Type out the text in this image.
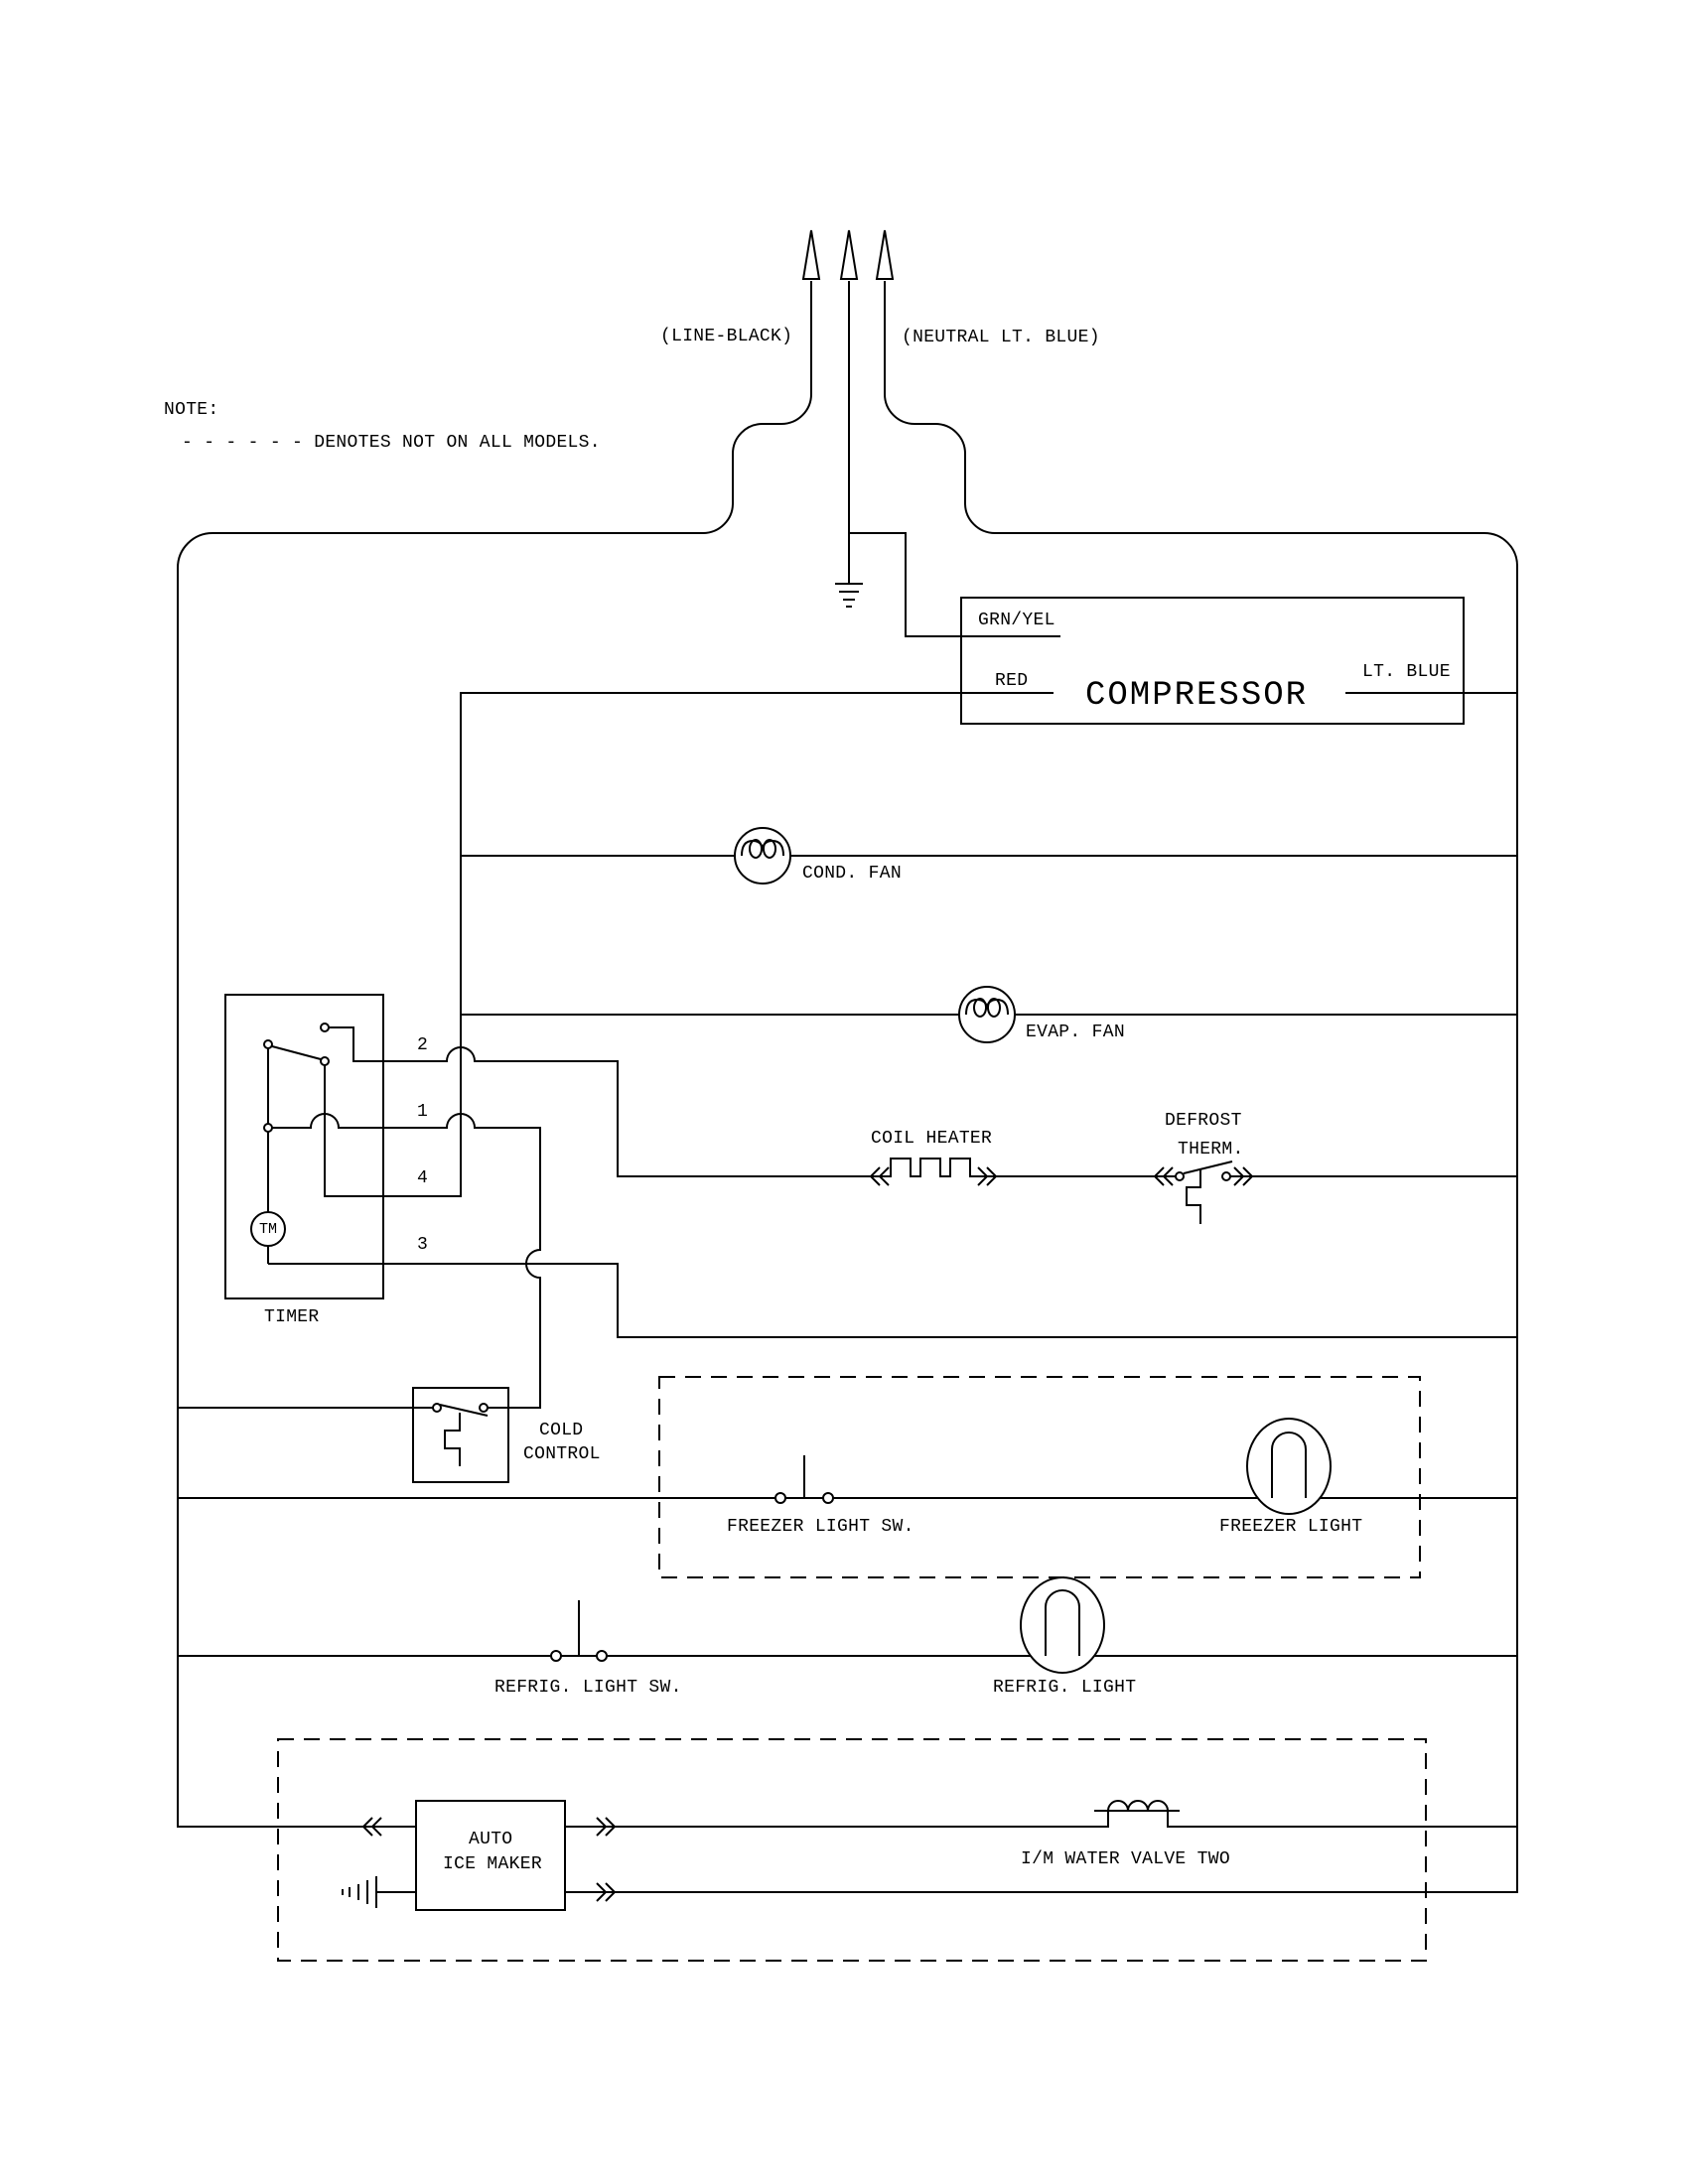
NOTE:
- - - - - - DENOTES NOT ON ALL MODELS.
(LINE-BLACK)	(NEUTRAL LT. BLUE)
GRN/YEL
RED	LT. BLUE
COMPRESSOR
COND. FAN
EVAP. FAN
2
1
4
3
TM
TIMER
COIL HEATER
DEFROST
THERM.
COLD
CONTROL
FREEZER LIGHT SW.	FREEZER LIGHT
REFRIG. LIGHT SW.	REFRIG. LIGHT
AUTO
ICE MAKER	I/M WATER VALVE TWO
